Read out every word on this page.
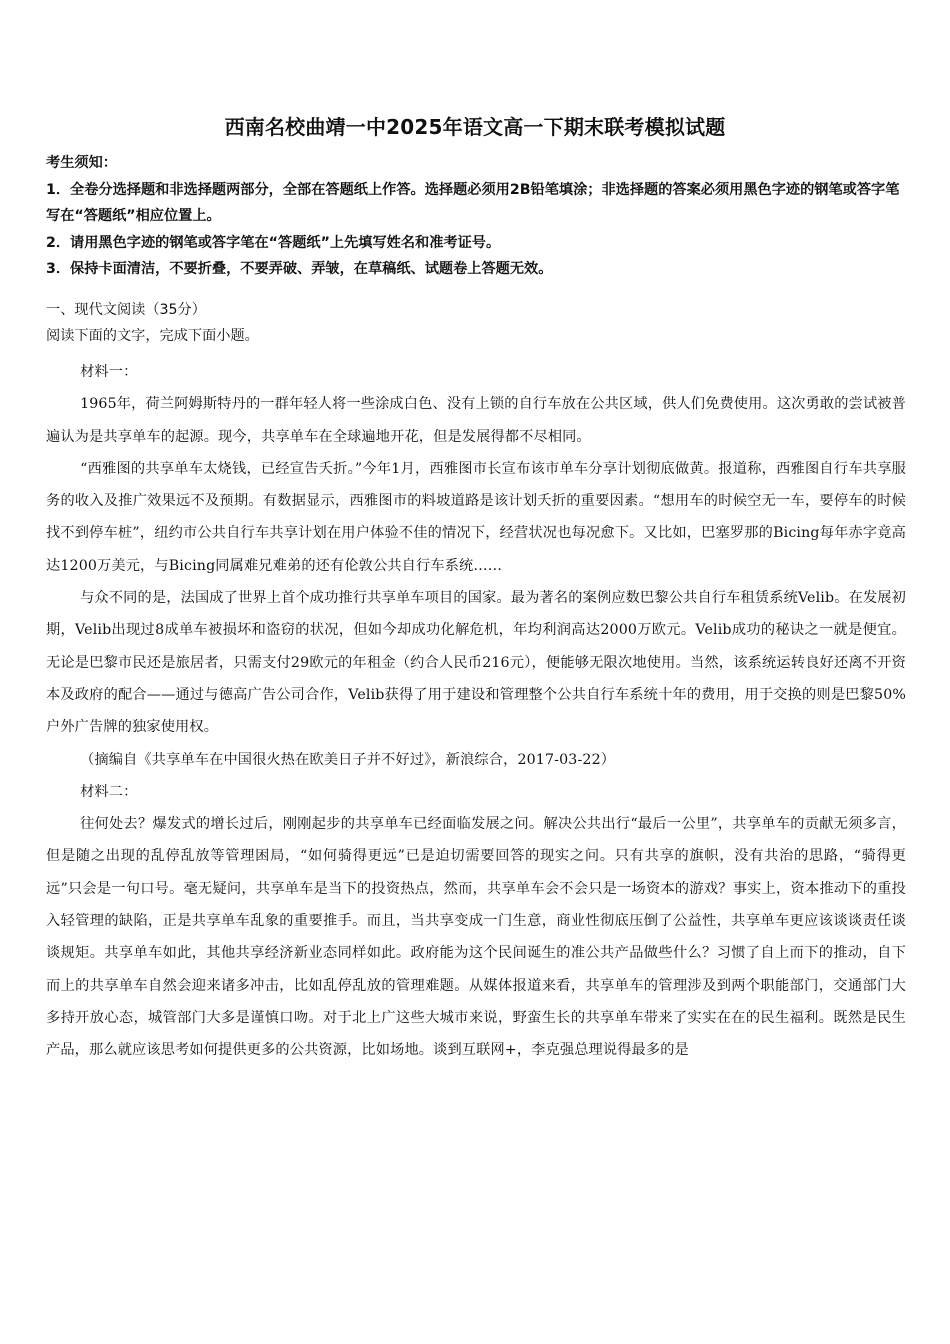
西南名校曲靖一中2025年语文高一下期末联考模拟试题
考生须知：
1．全卷分选择题和非选择题两部分，全部在答题纸上作答。选择题必须用2B铅笔填涂；非选择题的答案必须用黑色字迹的钢笔或答字笔写在“答题纸”相应位置上。
2．请用黑色字迹的钢笔或答字笔在“答题纸”上先填写姓名和准考证号。
3．保持卡面清洁，不要折叠，不要弄破、弄皱，在草稿纸、试题卷上答题无效。
一、现代文阅读（35分）
阅读下面的文字，完成下面小题。

材料一：

1965年，荷兰阿姆斯特丹的一群年轻人将一些涂成白色、没有上锁的自行车放在公共区域，供人们免费使用。这次勇敢的尝试被普遍认为是共享单车的起源。现今，共享单车在全球遍地开花，但是发展得都不尽相同。

“西雅图的共享单车太烧钱，已经宣告夭折。”今年1月，西雅图市长宣布该市单车分享计划彻底做黄。报道称，西雅图自行车共享服务的收入及推广效果远不及预期。有数据显示，西雅图市的料坡道路是该计划夭折的重要因素。“想用车的时候空无一车，要停车的时候找不到停车桩”，纽约市公共自行车共享计划在用户体验不佳的情况下，经营状况也每况愈下。又比如，巴塞罗那的Bicing每年赤字竟高达1200万美元，与Bicing同属难兄难弟的还有伦敦公共自行车系统……

与众不同的是，法国成了世界上首个成功推行共享单车项目的国家。最为著名的案例应数巴黎公共自行车租赁系统Velib。在发展初期，Velib出现过8成单车被损坏和盗窃的状况，但如今却成功化解危机，年均利润高达2000万欧元。Velib成功的秘诀之一就是便宜。无论是巴黎市民还是旅居者，只需支付29欧元的年租金（约合人民币216元），便能够无限次地使用。当然，该系统运转良好还离不开资本及政府的配合——通过与德高广告公司合作，Velib获得了用于建设和管理整个公共自行车系统十年的费用，用于交换的则是巴黎50%户外广告牌的独家使用权。

（摘编自《共享单车在中国很火热在欧美日子并不好过》，新浪综合，2017-03-22）

材料二：

往何处去？爆发式的增长过后，刚刚起步的共享单车已经面临发展之问。解决公共出行“最后一公里”，共享单车的贡献无须多言，但是随之出现的乱停乱放等管理困局，“如何骑得更远”已是迫切需要回答的现实之问。只有共享的旗帜，没有共治的思路，“骑得更远”只会是一句口号。毫无疑问，共享单车是当下的投资热点，然而，共享单车会不会只是一场资本的游戏？事实上，资本推动下的重投入轻管理的缺陷，正是共享单车乱象的重要推手。而且，当共享变成一门生意，商业性彻底压倒了公益性，共享单车更应该谈谈责任谈谈规矩。共享单车如此，其他共享经济新业态同样如此。政府能为这个民间诞生的准公共产品做些什么？习惯了自上而下的推动，自下而上的共享单车自然会迎来诸多冲击，比如乱停乱放的管理难题。从媒体报道来看，共享单车的管理涉及到两个职能部门，交通部门大多持开放心态，城管部门大多是谨慎口吻。对于北上广这些大城市来说，野蛮生长的共享单车带来了实实在在的民生福利。既然是民生产品，那么就应该思考如何提供更多的公共资源，比如场地。谈到互联网+，李克强总理说得最多的是
